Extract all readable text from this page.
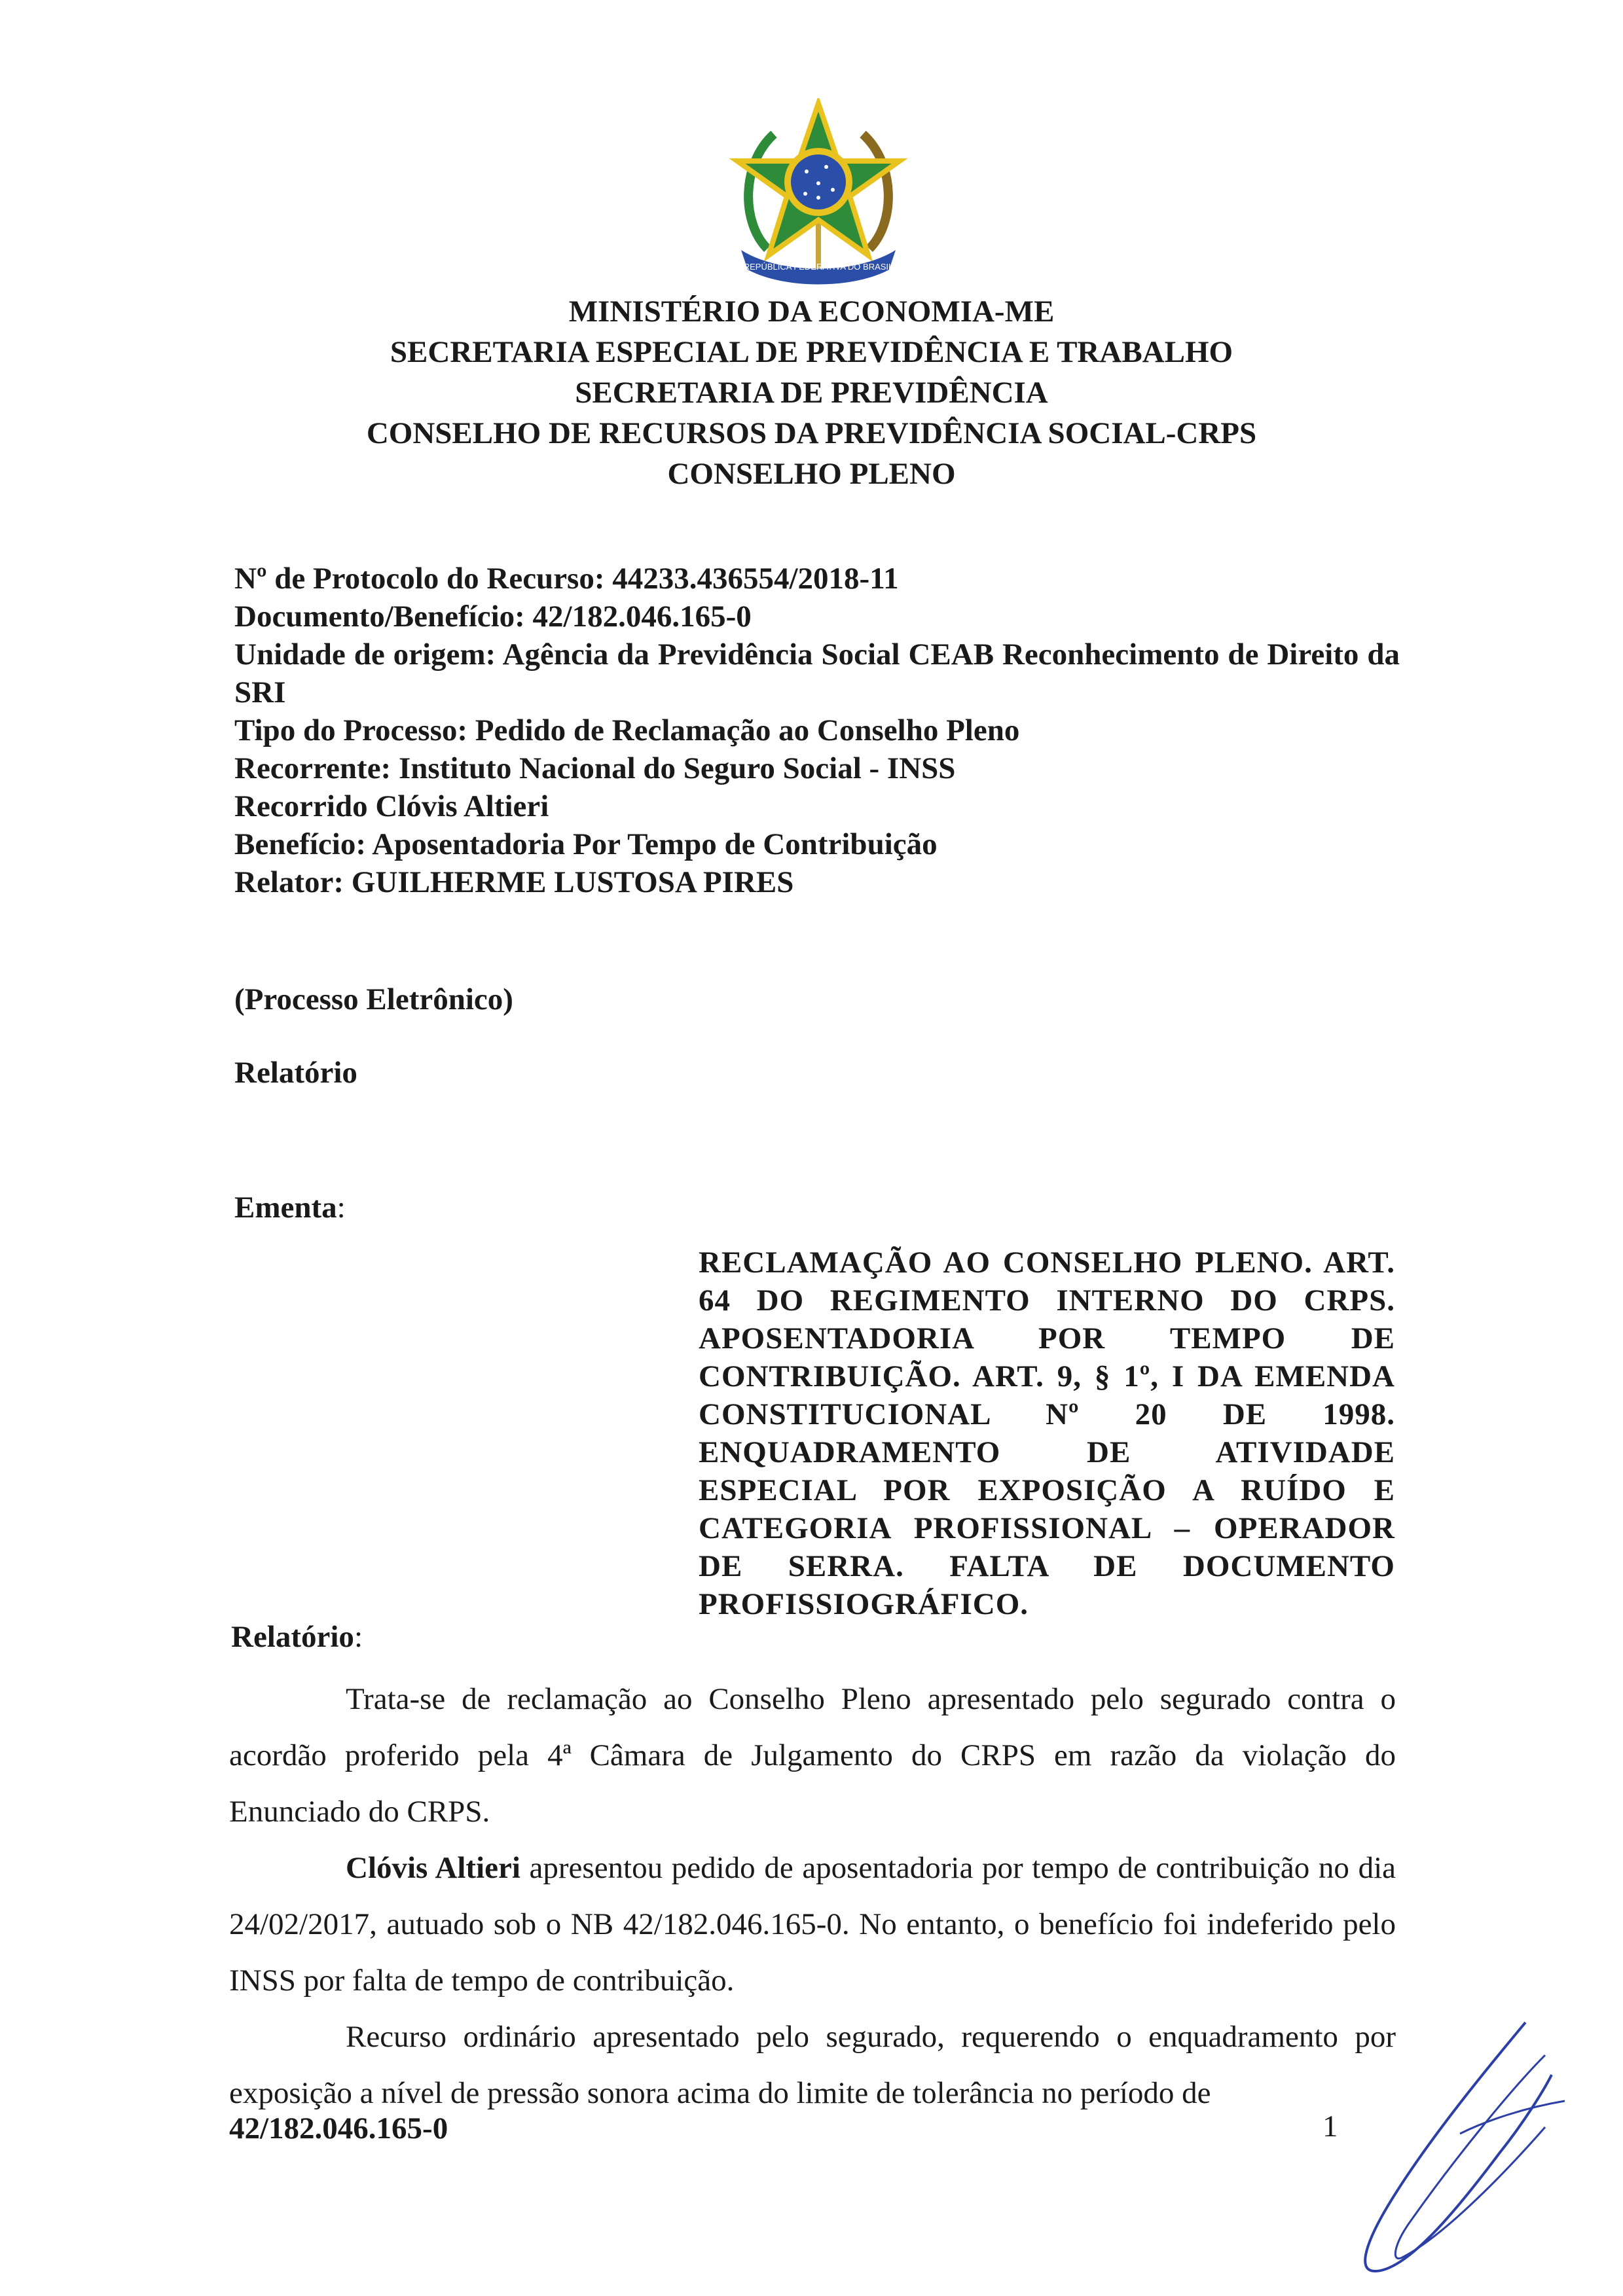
REPÚBLICA FEDERATIVA DO BRASIL
MINISTÉRIO DA ECONOMIA-ME
SECRETARIA ESPECIAL DE PREVIDÊNCIA E TRABALHO
SECRETARIA DE PREVIDÊNCIA
CONSELHO DE RECURSOS DA PREVIDÊNCIA SOCIAL-CRPS
CONSELHO PLENO
Nº de Protocolo do Recurso: 44233.436554/2018-11
Documento/Benefício: 42/182.046.165-0
Unidade de origem: Agência da Previdência Social CEAB Reconhecimento de Direito da SRI
Tipo do Processo: Pedido de Reclamação ao Conselho Pleno
Recorrente: Instituto Nacional do Seguro Social - INSS
Recorrido Clóvis Altieri
Benefício: Aposentadoria Por Tempo de Contribuição
Relator: GUILHERME LUSTOSA PIRES
(Processo Eletrônico)
Relatório
Ementa:
RECLAMAÇÃO AO CONSELHO PLENO. ART. 64 DO REGIMENTO INTERNO DO CRPS. APOSENTADORIA POR TEMPO DE CONTRIBUIÇÃO. ART. 9, § 1º, I DA EMENDA CONSTITUCIONAL Nº 20 DE 1998. ENQUADRAMENTO DE ATIVIDADE ESPECIAL POR EXPOSIÇÃO A RUÍDO E CATEGORIA PROFISSIONAL – OPERADOR DE SERRA. FALTA DE DOCUMENTO
PROFISSIOGRÁFICO.
Relatório:

Trata-se de reclamação ao Conselho Pleno apresentado pelo segurado contra o acordão proferido pela 4ª Câmara de Julgamento do CRPS em razão da violação do Enunciado do CRPS.

Clóvis Altieri apresentou pedido de aposentadoria por tempo de contribuição no dia 24/02/2017, autuado sob o NB 42/182.046.165-0. No entanto, o benefício foi indeferido pelo INSS por falta de tempo de contribuição.

Recurso ordinário apresentado pelo segurado, requerendo o enquadramento por exposição a nível de pressão sonora acima do limite de tolerância no período de

42/182.046.165-0	1
